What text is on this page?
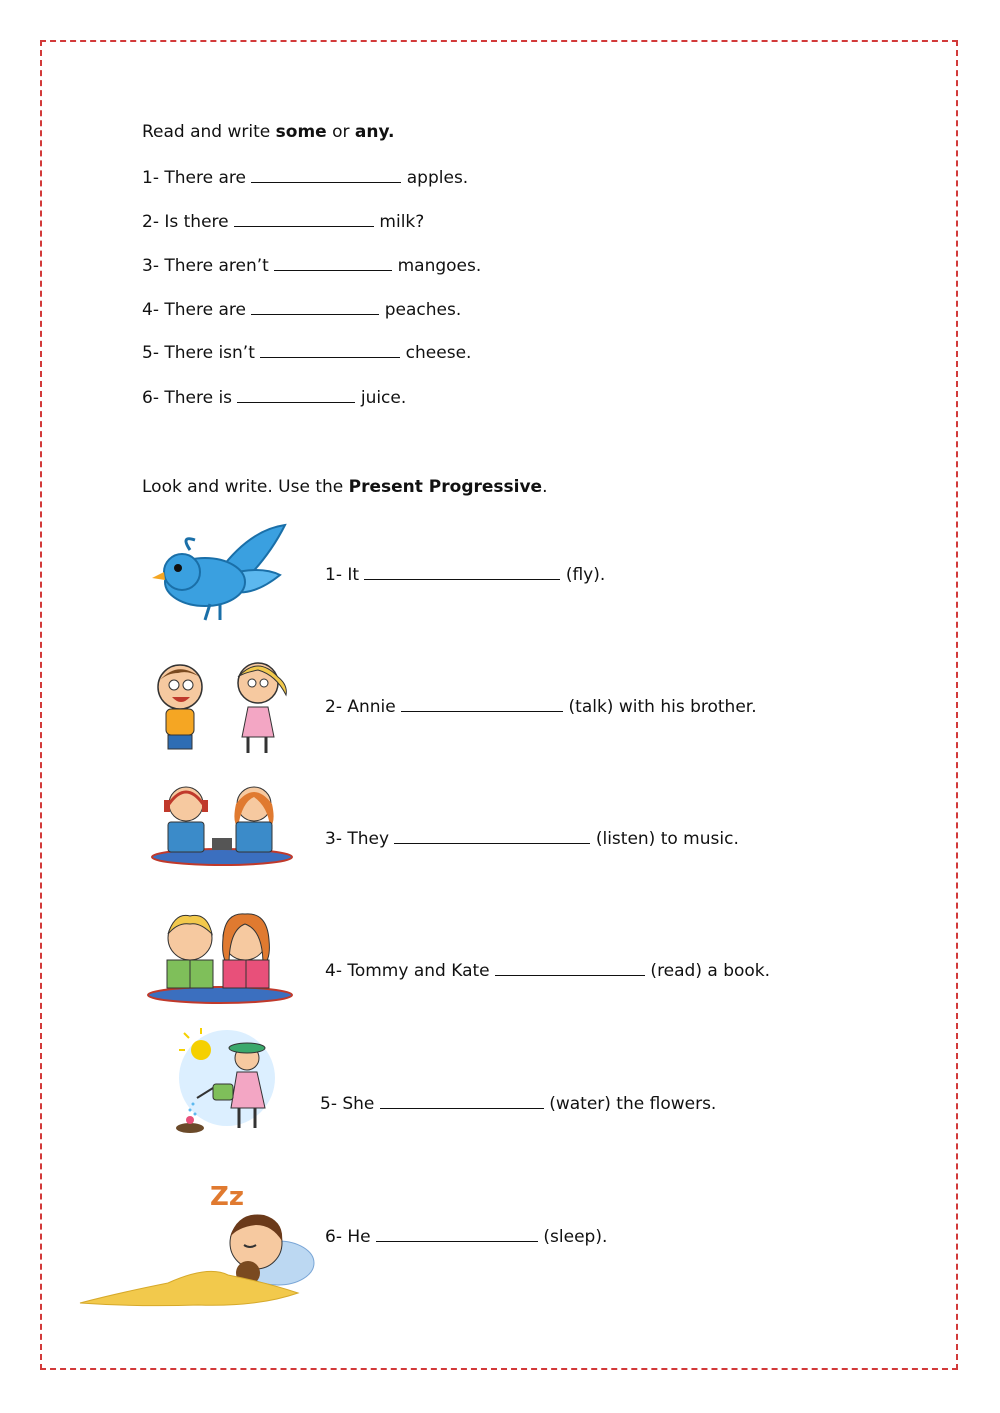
Read and write some or any.
1- There are	apples.
2- Is there	milk?
3- There aren’t	mangoes.
4- There are	peaches.
5- There isn’t	cheese.
6- There is	juice.
Look and write. Use the Present Progressive.
1- It	(fly).
2- Annie	(talk) with his brother.
3- They	(listen) to music.
4- Tommy and Kate	(read) a book.
5- She	(water) the flowers.
Zz
6- He	(sleep).
